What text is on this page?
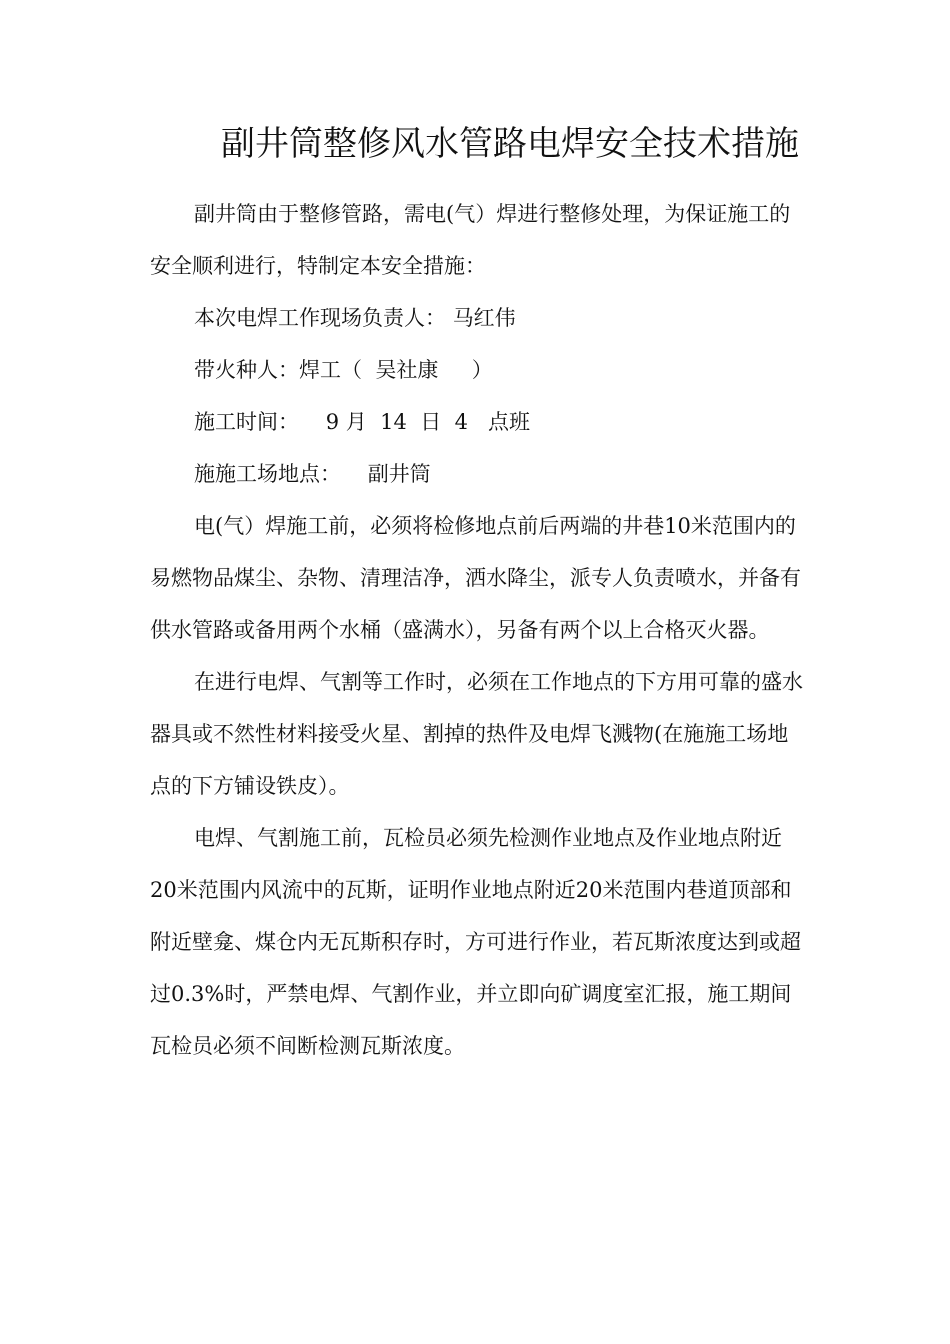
副井筒整修风水管路电焊安全技术措施

副井筒由于整修管路，需电(气）焊进行整修处理，为保证施工的安全顺利进行，特制定本安全措施：

本次电焊工作现场负责人： 马红伟

带火种人：焊工（ 吴社康 ）

施工时间： 9 月 14 日 4 点班

施施工场地点： 副井筒

电(气）焊施工前，必须将检修地点前后两端的井巷10米范围内的易燃物品煤尘、杂物、清理洁净，洒水降尘，派专人负责喷水，并备有供水管路或备用两个水桶（盛满水），另备有两个以上合格灭火器。

在进行电焊、气割等工作时，必须在工作地点的下方用可靠的盛水器具或不然性材料接受火星、割掉的热件及电焊飞溅物(在施施工场地点的下方铺设铁皮）。

电焊、气割施工前，瓦检员必须先检测作业地点及作业地点附近20米范围内风流中的瓦斯，证明作业地点附近20米范围内巷道顶部和附近壁龛、煤仓内无瓦斯积存时，方可进行作业，若瓦斯浓度达到或超过0.3%时，严禁电焊、气割作业，并立即向矿调度室汇报，施工期间瓦检员必须不间断检测瓦斯浓度。
